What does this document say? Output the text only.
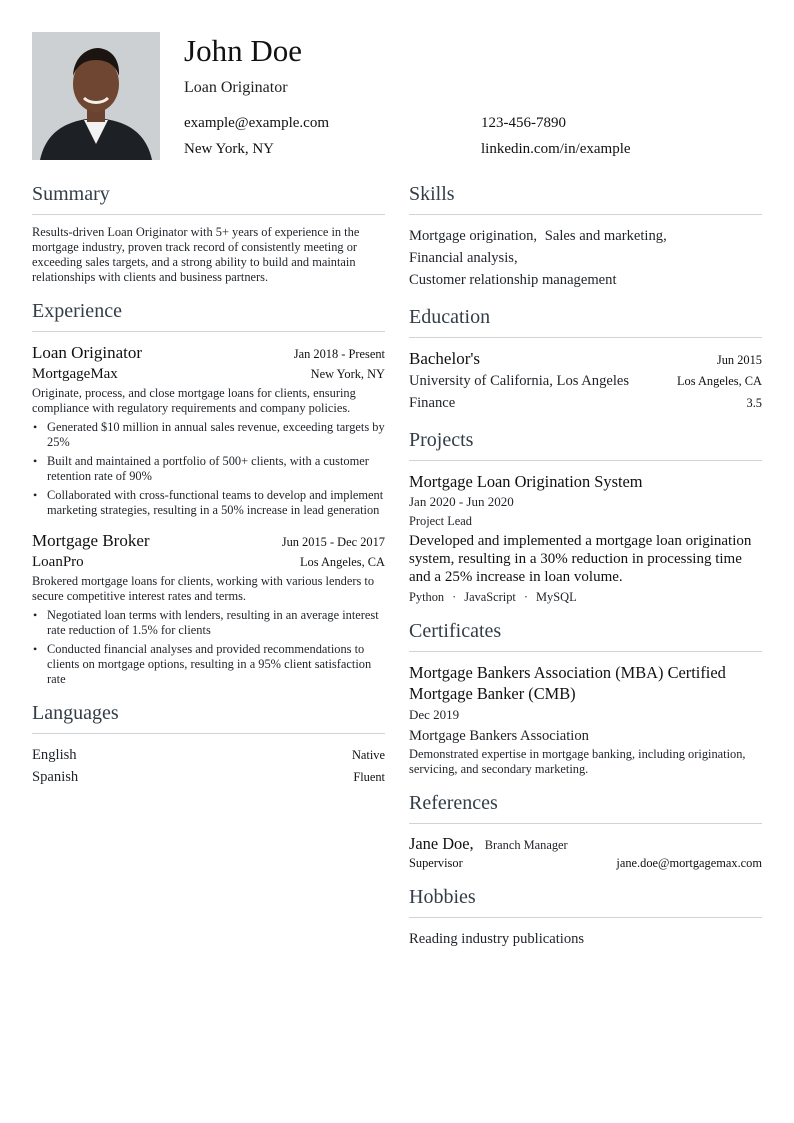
John Doe
Loan Originator
example@example.com	123-456-7890
New York, NY	linkedin.com/in/example
Summary
Results-driven Loan Originator with 5+ years of experience in the mortgage industry, proven track record of consistently meeting or exceeding sales targets, and a strong ability to build and maintain relationships with clients and business partners.
Experience
Loan Originator	Jan 2018 - Present
MortgageMax	New York, NY
Originate, process, and close mortgage loans for clients, ensuring compliance with regulatory requirements and company policies.
• Generated $10 million in annual sales revenue, exceeding targets by 25%
• Built and maintained a portfolio of 500+ clients, with a customer retention rate of 90%
• Collaborated with cross-functional teams to develop and implement marketing strategies, resulting in a 50% increase in lead generation
Mortgage Broker	Jun 2015 - Dec 2017
LoanPro	Los Angeles, CA
Brokered mortgage loans for clients, working with various lenders to secure competitive interest rates and terms.
• Negotiated loan terms with lenders, resulting in an average interest rate reduction of 1.5% for clients
• Conducted financial analyses and provided recommendations to clients on mortgage options, resulting in a 95% client satisfaction rate
Languages
English	Native
Spanish	Fluent
Skills
Mortgage origination, Sales and marketing,
Financial analysis,
Customer relationship management
Education
Bachelor's	Jun 2015
University of California, Los Angeles	Los Angeles, CA
Finance	3.5
Projects
Mortgage Loan Origination System
Jan 2020 - Jun 2020
Project Lead
Developed and implemented a mortgage loan origination system, resulting in a 30% reduction in processing time and a 25% increase in loan volume.
Python · JavaScript · MySQL
Certificates
Mortgage Bankers Association (MBA) Certified Mortgage Banker (CMB)
Dec 2019
Mortgage Bankers Association
Demonstrated expertise in mortgage banking, including origination, servicing, and secondary marketing.
References
Jane Doe, Branch Manager
Supervisor	jane.doe@mortgagemax.com
Hobbies
Reading industry publications
